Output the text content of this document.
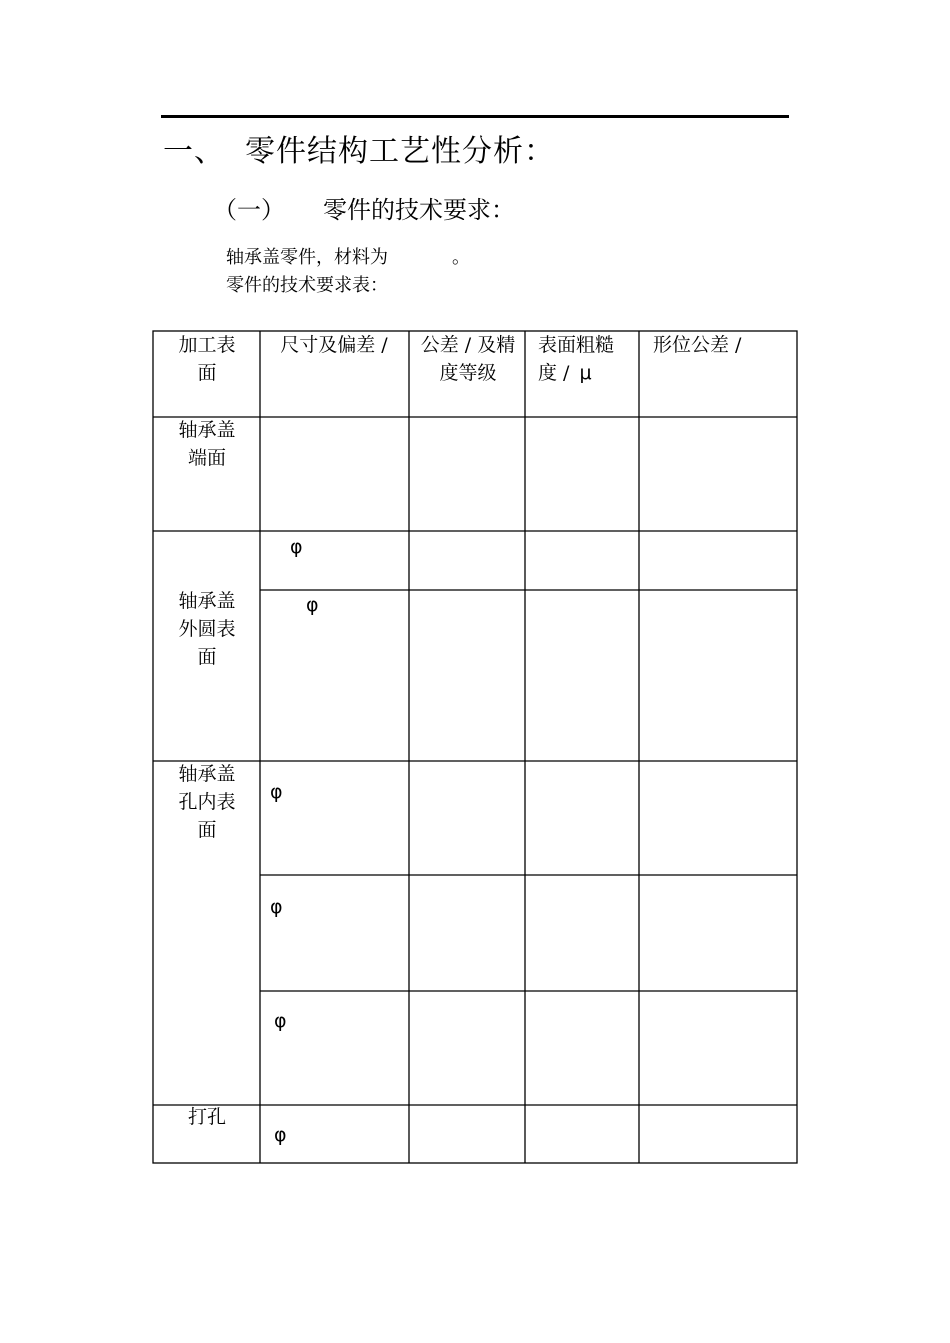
一、 零件结构工艺性分析：
（一） 零件的技术要求：
轴承盖零件，材料为	。
零件的技术要求表：
加工表面
尺寸及偏差 /	公差 / 及精度等级
表面粗糙度 / μ
形位公差 /
轴承盖端面
轴承盖外圆表面
轴承盖孔内表面
打孔
φ
φ
φ
φ
φ
φ
